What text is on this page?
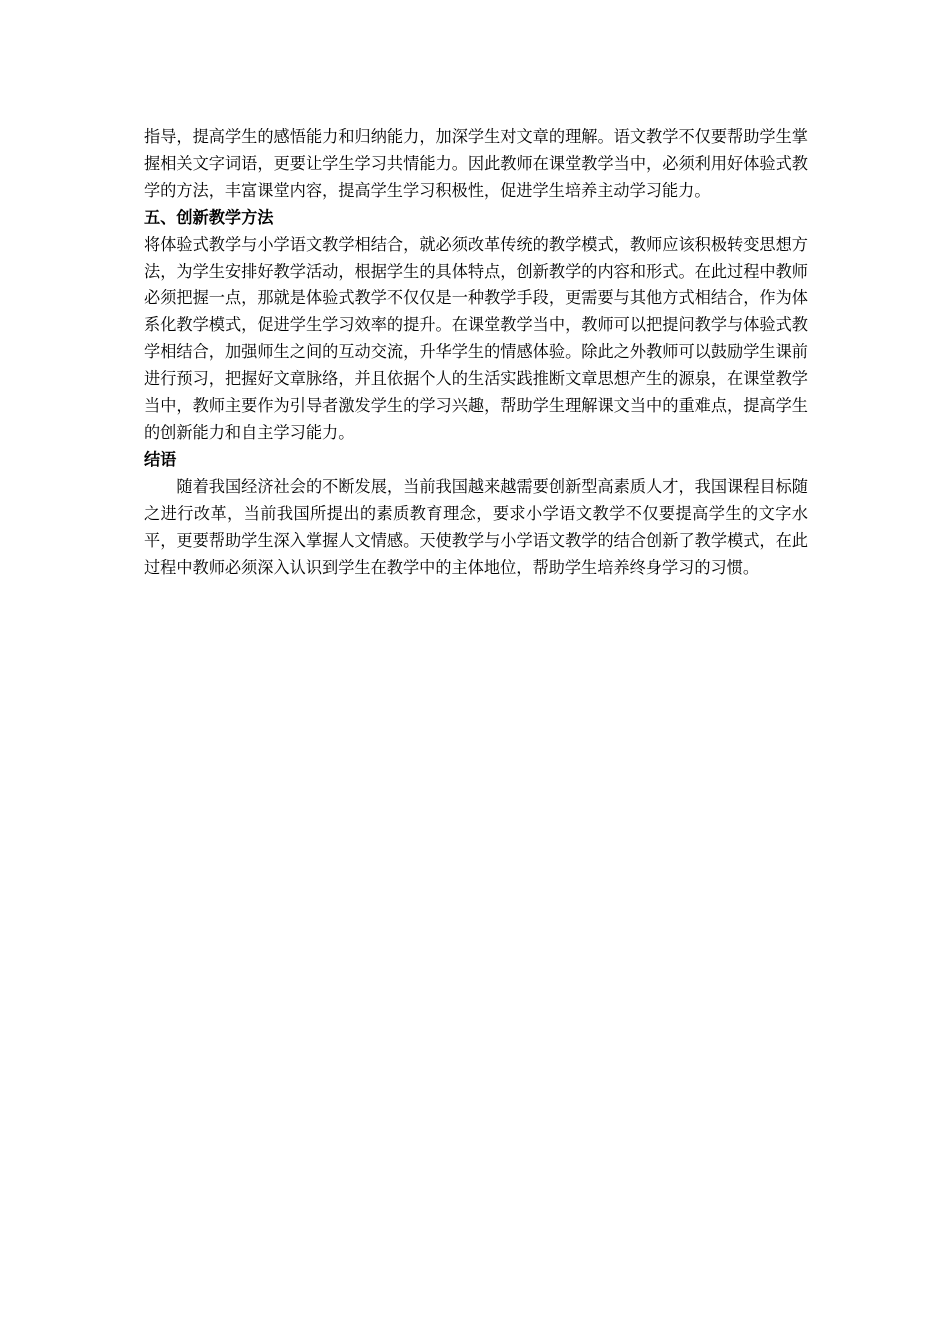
指导，提高学生的感悟能力和归纳能力，加深学生对文章的理解。语文教学不仅要帮助学生掌握相关文字词语，更要让学生学习共情能力。因此教师在课堂教学当中，必须利用好体验式教学的方法，丰富课堂内容，提高学生学习积极性，促进学生培养主动学习能力。

五、创新教学方法

将体验式教学与小学语文教学相结合，就必须改革传统的教学模式，教师应该积极转变思想方法，为学生安排好教学活动，根据学生的具体特点，创新教学的内容和形式。在此过程中教师必须把握一点，那就是体验式教学不仅仅是一种教学手段，更需要与其他方式相结合，作为体系化教学模式，促进学生学习效率的提升。在课堂教学当中，教师可以把提问教学与体验式教学相结合，加强师生之间的互动交流，升华学生的情感体验。除此之外教师可以鼓励学生课前进行预习，把握好文章脉络，并且依据个人的生活实践推断文章思想产生的源泉，在课堂教学当中，教师主要作为引导者激发学生的学习兴趣，帮助学生理解课文当中的重难点，提高学生的创新能力和自主学习能力。

结语

随着我国经济社会的不断发展，当前我国越来越需要创新型高素质人才，我国课程目标随之进行改革，当前我国所提出的素质教育理念，要求小学语文教学不仅要提高学生的文字水平，更要帮助学生深入掌握人文情感。天使教学与小学语文教学的结合创新了教学模式，在此过程中教师必须深入认识到学生在教学中的主体地位，帮助学生培养终身学习的习惯。
